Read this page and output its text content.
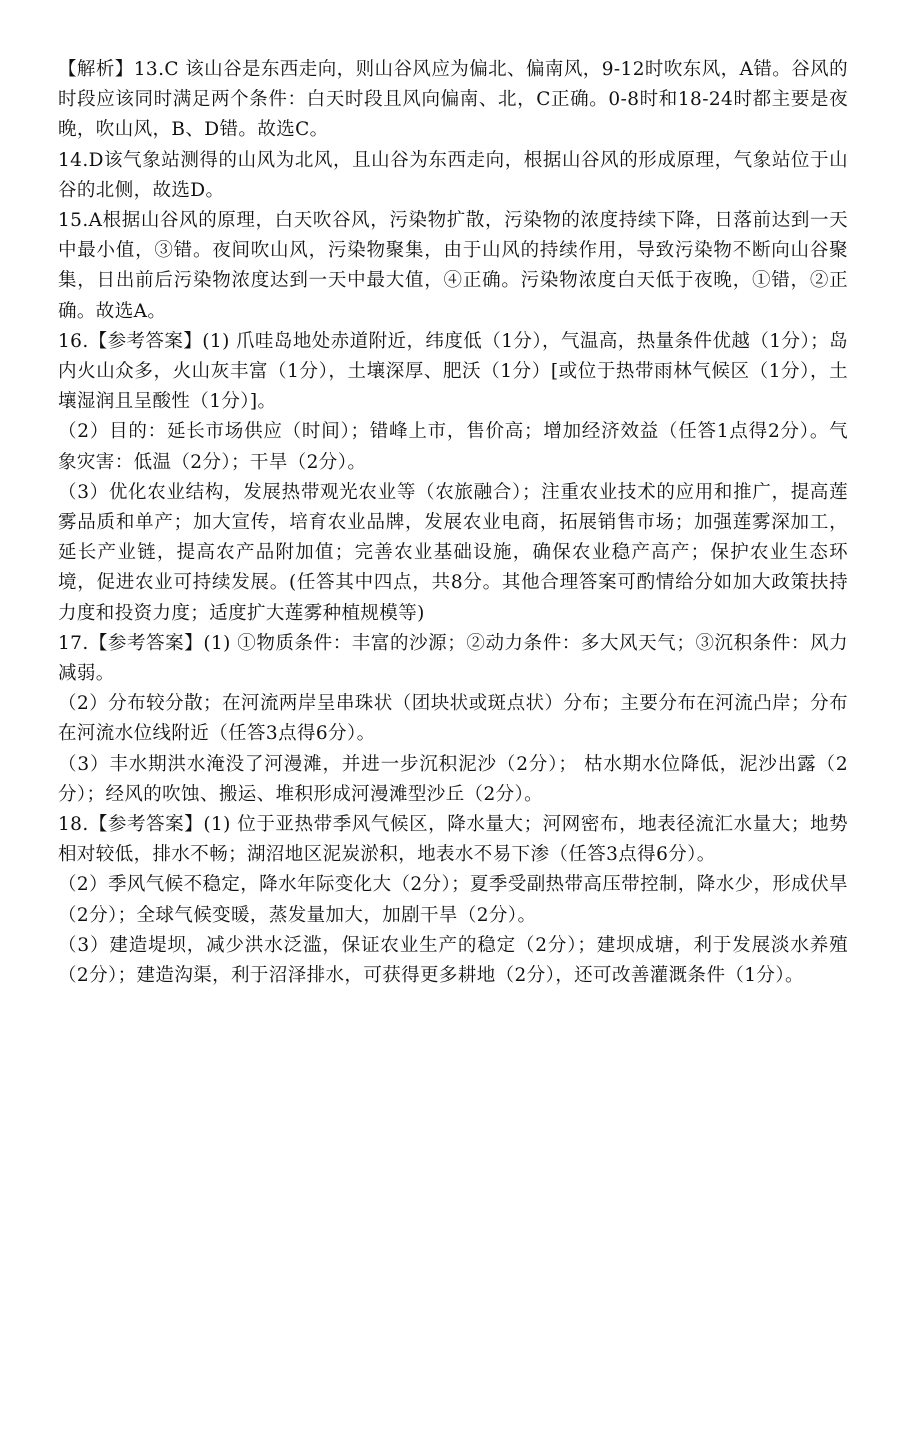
【解析】13.C 该山谷是东西走向，则山谷风应为偏北、偏南风，9-12时吹东风，A错。谷风的时段应该同时满足两个条件：白天时段且风向偏南、北，C正确。0-8时和18-24时都主要是夜晚，吹山风，B、D错。故选C。

14.D该气象站测得的山风为北风，且山谷为东西走向，根据山谷风的形成原理，气象站位于山谷的北侧，故选D。

15.A根据山谷风的原理，白天吹谷风，污染物扩散，污染物的浓度持续下降，日落前达到一天中最小值，③错。夜间吹山风，污染物聚集，由于山风的持续作用，导致污染物不断向山谷聚集，日出前后污染物浓度达到一天中最大值，④正确。污染物浓度白天低于夜晚，①错，②正确。故选A。

16.【参考答案】(1) 爪哇岛地处赤道附近，纬度低（1分），气温高，热量条件优越（1分）；岛内火山众多，火山灰丰富（1分），土壤深厚、肥沃（1分）[或位于热带雨林气候区（1分），土壤湿润且呈酸性（1分）]。

（2）目的：延长市场供应（时间）；错峰上市，售价高；增加经济效益（任答1点得2分）。气象灾害：低温（2分）；干旱（2分）。

（3）优化农业结构，发展热带观光农业等（农旅融合）；注重农业技术的应用和推广，提高莲雾品质和单产；加大宣传，培育农业品牌，发展农业电商，拓展销售市场；加强莲雾深加工，延长产业链，提高农产品附加值；完善农业基础设施，确保农业稳产高产；保护农业生态环境，促进农业可持续发展。(任答其中四点，共8分。其他合理答案可酌情给分如加大政策扶持力度和投资力度；适度扩大莲雾种植规模等)

17.【参考答案】(1) ①物质条件：丰富的沙源；②动力条件：多大风天气；③沉积条件：风力减弱。

（2）分布较分散；在河流两岸呈串珠状（团块状或斑点状）分布；主要分布在河流凸岸；分布在河流水位线附近（任答3点得6分）。

（3）丰水期洪水淹没了河漫滩，并进一步沉积泥沙（2分）； 枯水期水位降低，泥沙出露（2分）；经风的吹蚀、搬运、堆积形成河漫滩型沙丘（2分）。

18.【参考答案】(1) 位于亚热带季风气候区，降水量大；河网密布，地表径流汇水量大；地势相对较低，排水不畅；湖沼地区泥炭淤积，地表水不易下渗（任答3点得6分）。

（2）季风气候不稳定，降水年际变化大（2分）；夏季受副热带高压带控制，降水少，形成伏旱（2分）；全球气候变暖，蒸发量加大，加剧干旱（2分）。

（3）建造堤坝，减少洪水泛滥，保证农业生产的稳定（2分）；建坝成塘，利于发展淡水养殖（2分）；建造沟渠，利于沼泽排水，可获得更多耕地（2分），还可改善灌溉条件（1分）。
